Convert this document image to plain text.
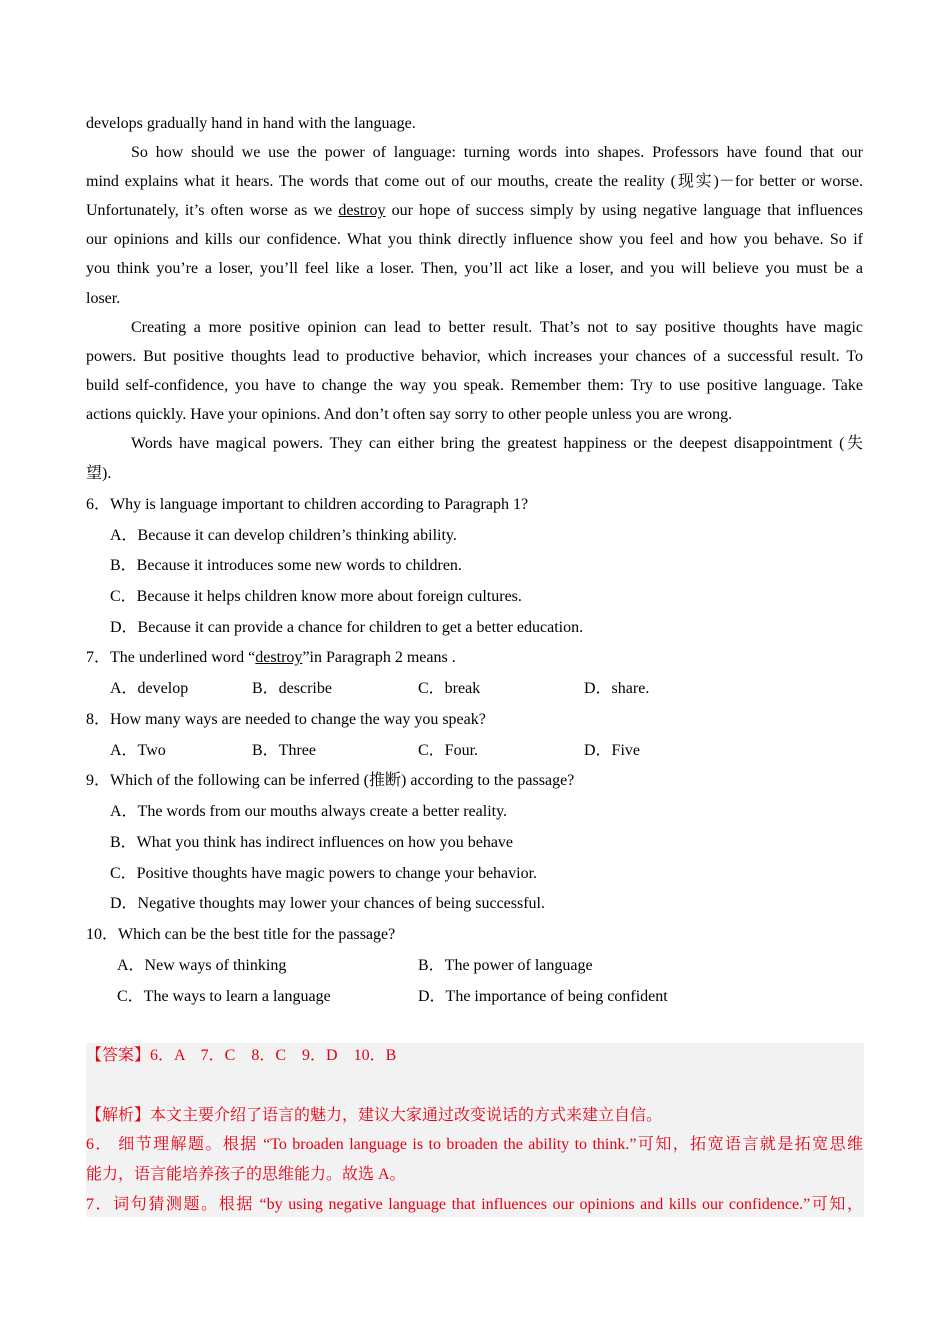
develops gradually hand in hand with the language.
So how should we use the power of language: turning words into shapes. Professors have found that our
mind explains what it hears. The words that come out of our mouths, create the reality (现实)－for better or worse.
Unfortunately, it’s often worse as we destroy our hope of success simply by using negative language that influences
our opinions and kills our confidence. What you think directly influence show you feel and how you behave. So if
you think you’re a loser, you’ll feel like a loser. Then, you’ll act like a loser, and you will believe you must be a
loser.
Creating a more positive opinion can lead to better result. That’s not to say positive thoughts have magic
powers. But positive thoughts lead to productive behavior, which increases your chances of a successful result. To
build self-confidence, you have to change the way you speak. Remember them: Try to use positive language. Take
actions quickly. Have your opinions. And don’t often say sorry to other people unless you are wrong.
Words have magical powers. They can either bring the greatest happiness or the deepest disappointment (失
望).
6．Why is language important to children according to Paragraph 1?
A．Because it can develop children’s thinking ability.
B．Because it introduces some new words to children.
C．Because it helps children know more about foreign cultures.
D．Because it can provide a chance for children to get a better education.
7．The underlined word “destroy”in Paragraph 2 means .
A．develop	B．describe	C．break	D．share.
8．How many ways are needed to change the way you speak?
A．Two	B．Three	C．Four.	D．Five
9．Which of the following can be inferred (推断) according to the passage?
A．The words from our mouths always create a better reality.
B．What you think has indirect influences on how you behave
C．Positive thoughts have magic powers to change your behavior.
D．Negative thoughts may lower your chances of being successful.
10．Which can be the best title for the passage?
A．New ways of thinking	B．The power of language
C．The ways to learn a language	D．The importance of being confident
【答案】6．A　7．C　8．C　9．D　10．B
【解析】本文主要介绍了语言的魅力，建议大家通过改变说话的方式来建立自信。
6． 细节理解题。根据 “To broaden language is to broaden the ability to think.”可知，拓宽语言就是拓宽思维
能力，语言能培养孩子的思维能力。故选 A。
7．词句猜测题。根据 “by using negative language that influences our opinions and kills our confidence.”可知，
